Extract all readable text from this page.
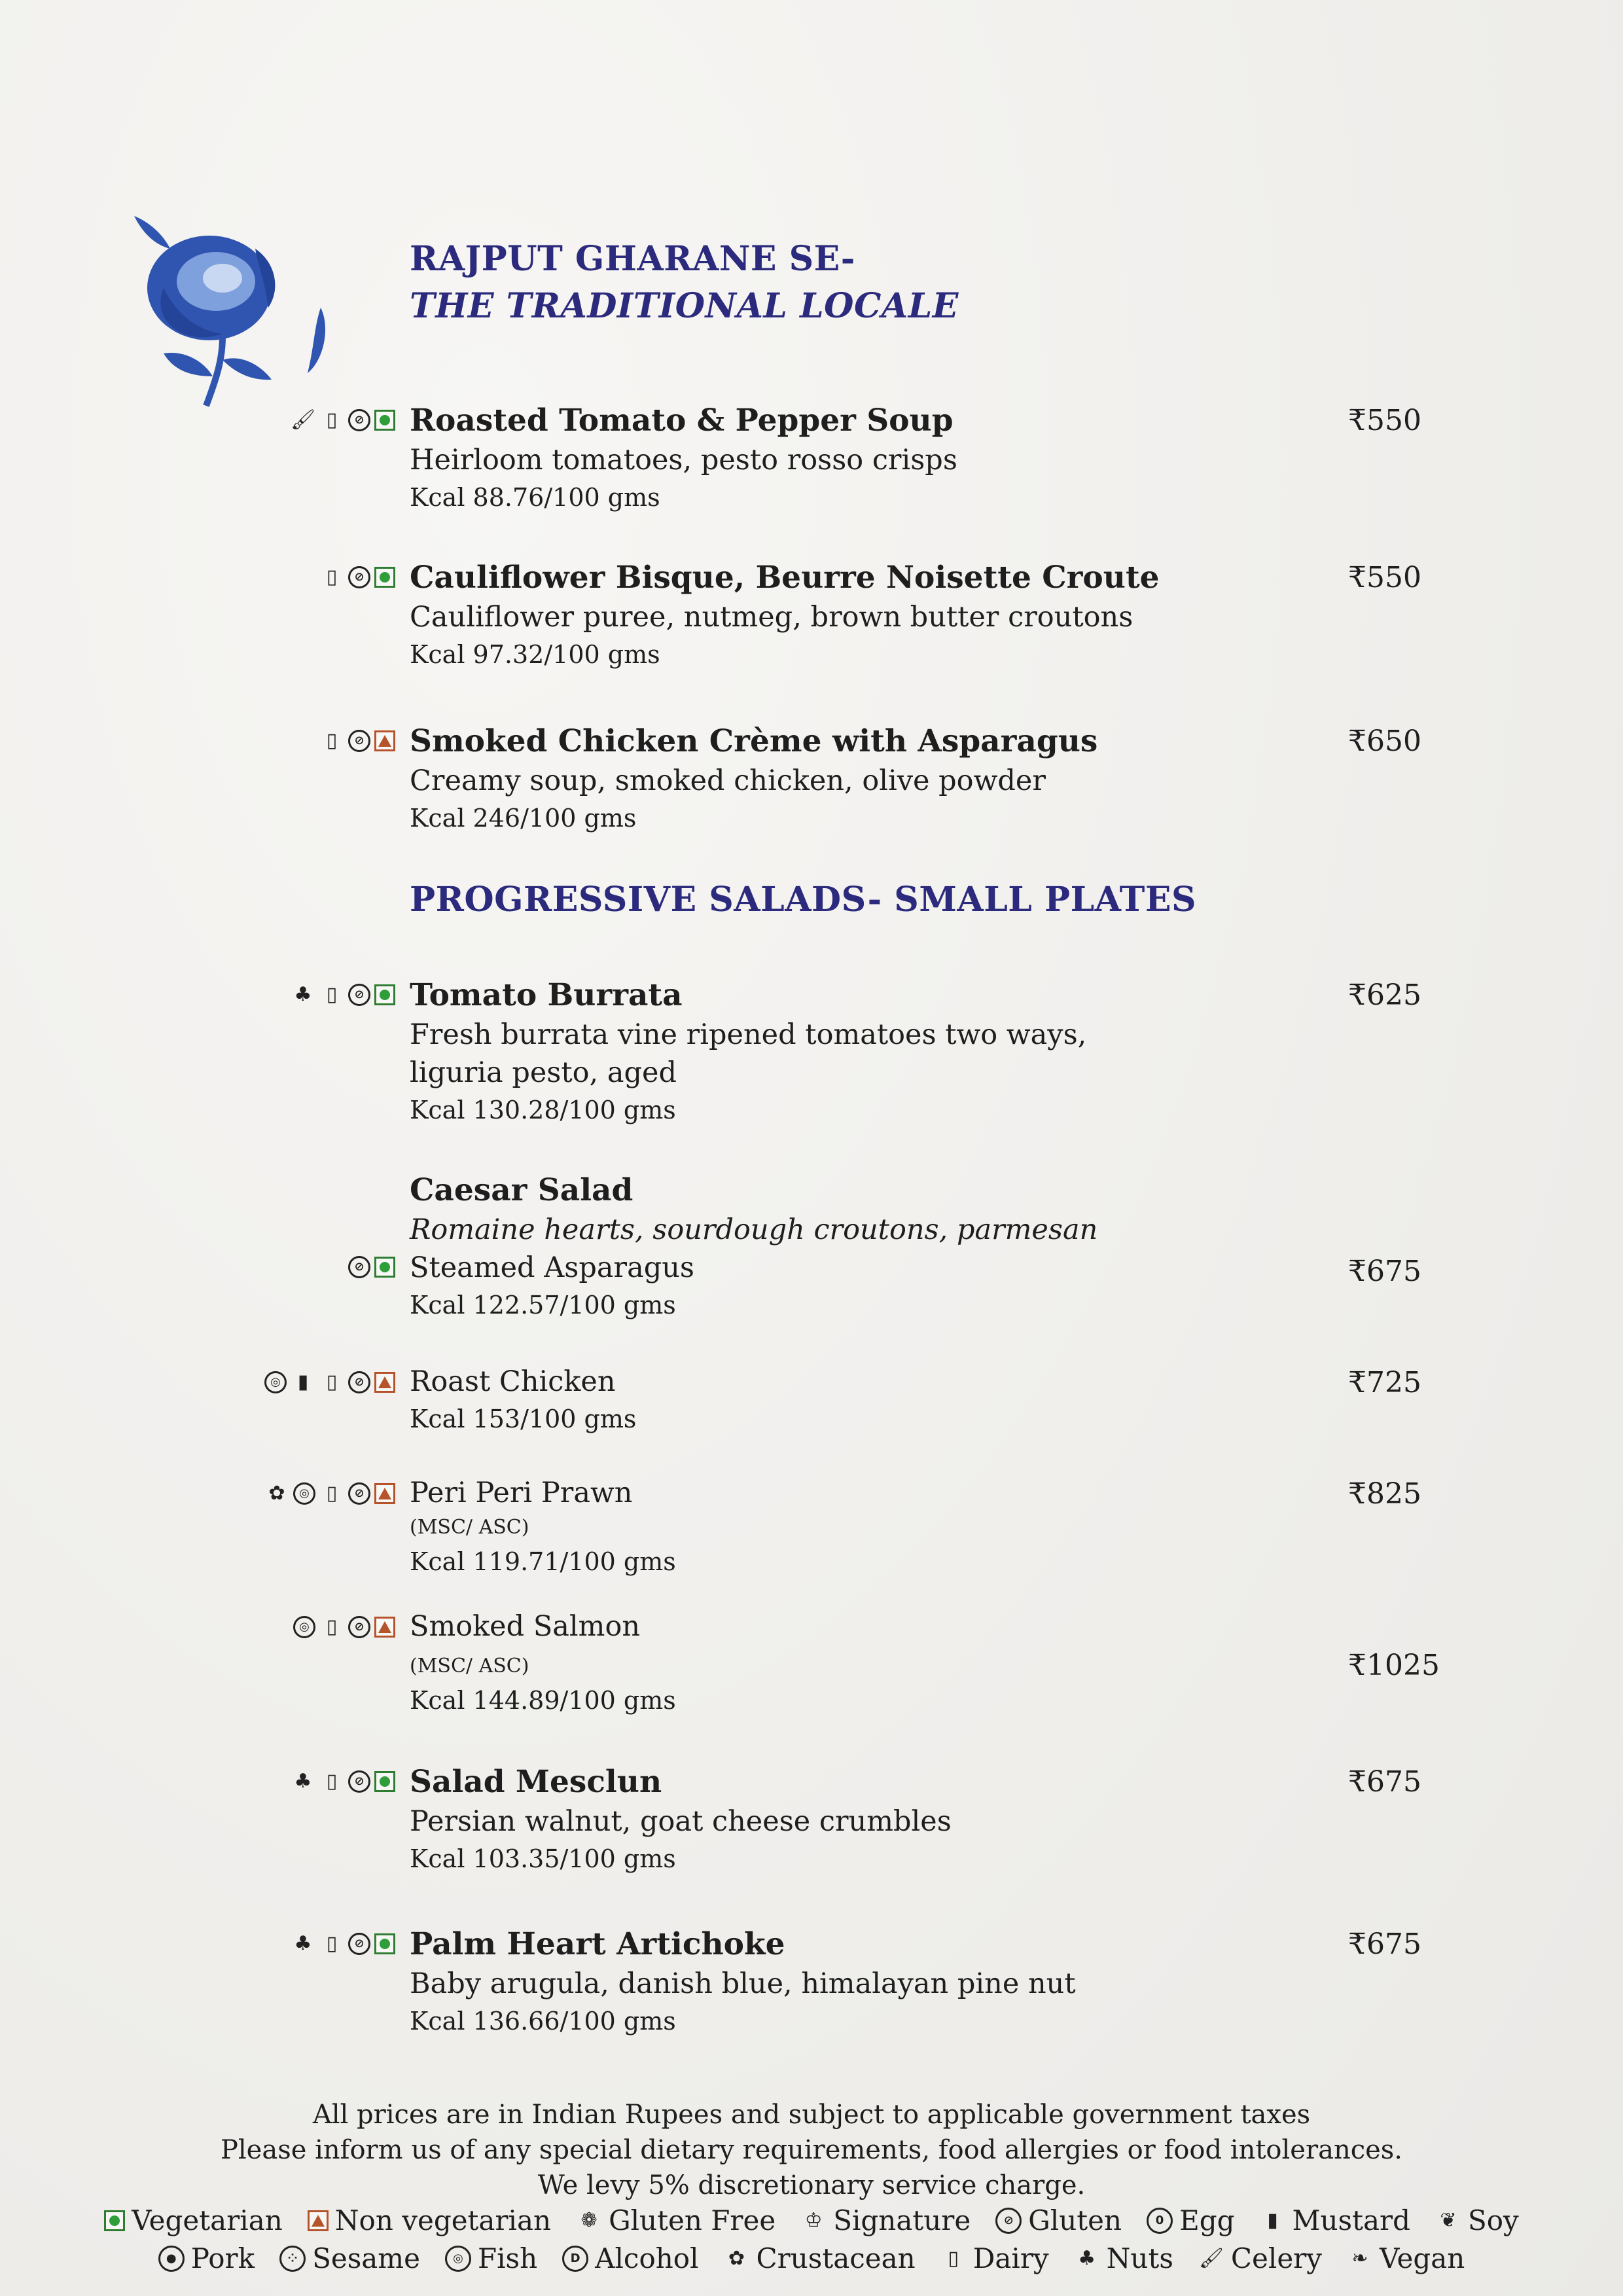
RAJPUT GHARANE SE-
THE TRADITIONAL LOCALE
🖌 ▯	⊘ Roasted Tomato & Pepper Soup
Heirloom tomatoes, pesto rosso crisps
Kcal 88.76/100 gms
₹550
▯	⊘ Cauliflower Bisque, Beurre Noisette Croute
Cauliflower puree, nutmeg, brown butter croutons
Kcal 97.32/100 gms
₹550
▯	⊘ Smoked Chicken Crème with Asparagus
Creamy soup, smoked chicken, olive powder
Kcal 246/100 gms
₹650
PROGRESSIVE SALADS- SMALL PLATES
♣ ▯	⊘ Tomato Burrata
Fresh burrata vine ripened tomatoes two ways,
liguria pesto, aged
Kcal 130.28/100 gms
₹625
Caesar Salad
Romaine hearts, sourdough croutons, parmesan
⊘ Steamed Asparagus
Kcal 122.57/100 gms
₹675
◎ ▮ ▯	⊘ Roast Chicken
Kcal 153/100 gms
₹725
✿	◎ ▯	⊘ Peri Peri Prawn
(MSC/ ASC)
Kcal 119.71/100 gms
₹825
◎ ▯	⊘ Smoked Salmon
(MSC/ ASC)
Kcal 144.89/100 gms
₹1025
♣ ▯	⊘ Salad Mesclun
Persian walnut, goat cheese crumbles
Kcal 103.35/100 gms
₹675
♣ ▯	⊘ Palm Heart Artichoke
Baby arugula, danish blue, himalayan pine nut
Kcal 136.66/100 gms
₹675
All prices are in Indian Rupees and subject to applicable government taxes
Please inform us of any special dietary requirements, food allergies or food intolerances.
We levy 5% discretionary service charge.
Vegetarian Non vegetarian ❁ Gluten Free ♔ Signature	⊘ Gluten	0 Egg	▮ Mustard ❦ Soy
● Pork	⁘ Sesame	◎ Fish	D Alcohol ✿ Crustacean	▯ Dairy ♣ Nuts 🖌 Celery ❧ Vegan
